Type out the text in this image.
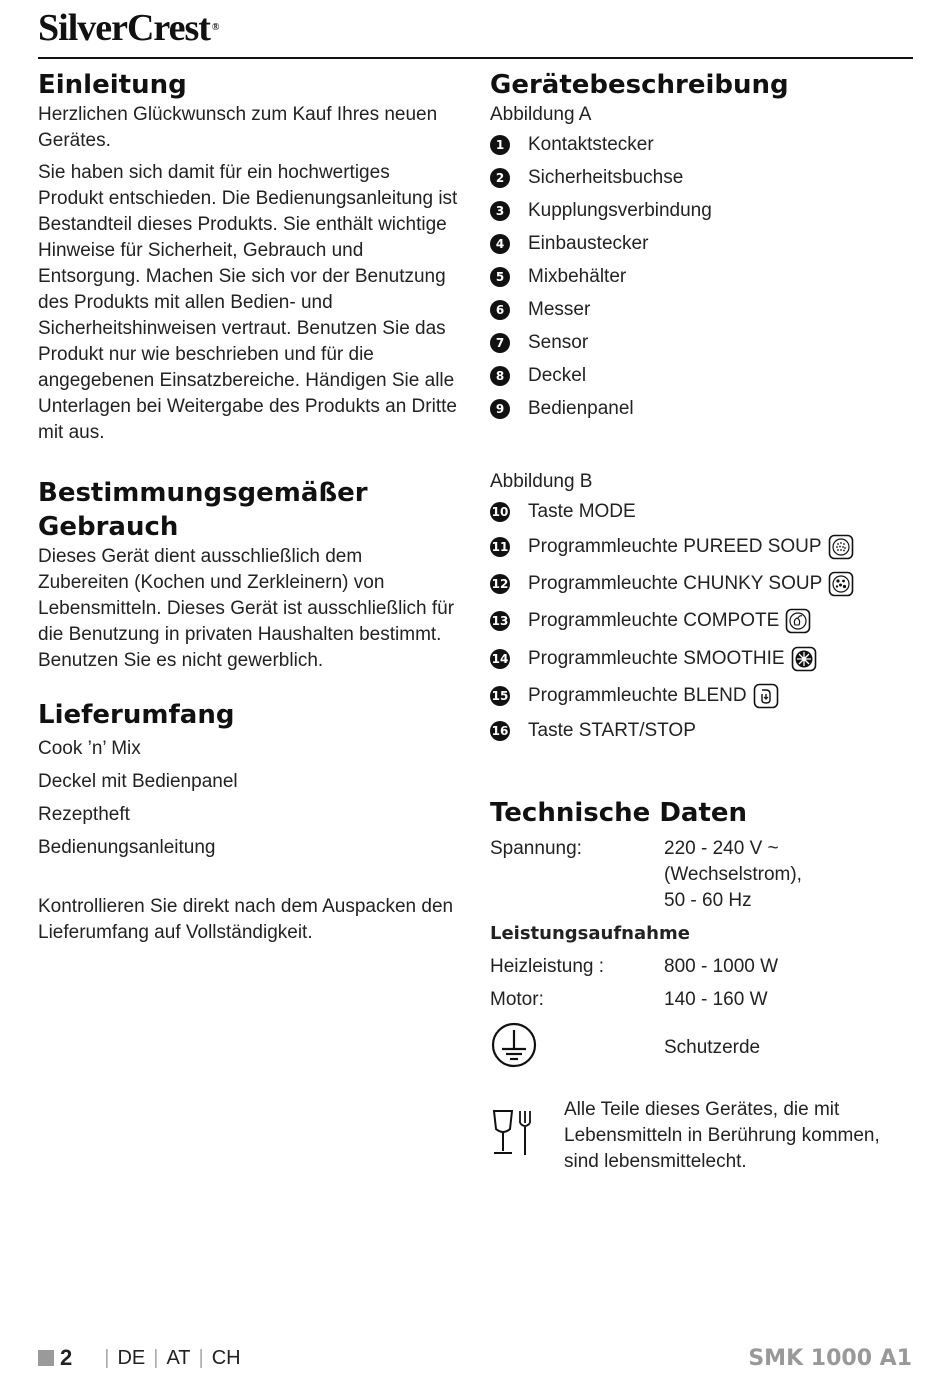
SilverCrest ®
Einleitung

Herzlichen Glückwunsch zum Kauf Ihres neuen Gerätes.

Sie haben sich damit für ein hochwertiges Produkt entschieden. Die Bedienungsanleitung ist Bestandteil dieses Produkts. Sie enthält wichtige Hinweise für Sicherheit, Gebrauch und Entsorgung. Machen Sie sich vor der Benutzung des Produkts mit allen Bedien- und Sicherheitshinweisen vertraut. Benutzen Sie das Produkt nur wie beschrieben und für die angegebenen Einsatzbereiche. Händigen Sie alle Unterlagen bei Weitergabe des Produkts an Dritte mit aus.

Bestimmungsgemäßer Gebrauch

Dieses Gerät dient ausschließlich dem Zubereiten (Kochen und Zerkleinern) von Lebensmitteln. Dieses Gerät ist ausschließlich für die Benutzung in privaten Haushalten bestimmt. Benutzen Sie es nicht gewerblich.

Lieferumfang
Cook ’n’ Mix
Deckel mit Bedienpanel
Rezeptheft
Bedienungsanleitung

Kontrollieren Sie direkt nach dem Auspacken den Lieferumfang auf Vollständigkeit.

Gerätebeschreibung

Abbildung A

1	Kontaktstecker
2	Sicherheitsbuchse
3	Kupplungsverbindung
4	Einbaustecker
5	Mixbehälter
6	Messer
7	Sensor
8	Deckel
9	Bedienpanel

Abbildung B

10 Taste MODE
11 Programmleuchte PUREED SOUP
12 Programmleuchte CHUNKY SOUP
13 Programmleuchte COMPOTE
14 Programmleuchte SMOOTHIE
15 Programmleuchte BLEND
16 Taste START/STOP
Technische Daten
Spannung:	220 - 240 V ~ (Wechselstrom), 50 - 60 Hz
Leistungsaufnahme
Heizleistung :	800 - 1000 W
Motor:	140 - 160 W
Schutzerde

Alle Teile dieses Gerätes, die mit Lebensmitteln in Berührung kommen, sind lebensmittelecht.

2 | DE | AT | CH	SMK 1000 A1
